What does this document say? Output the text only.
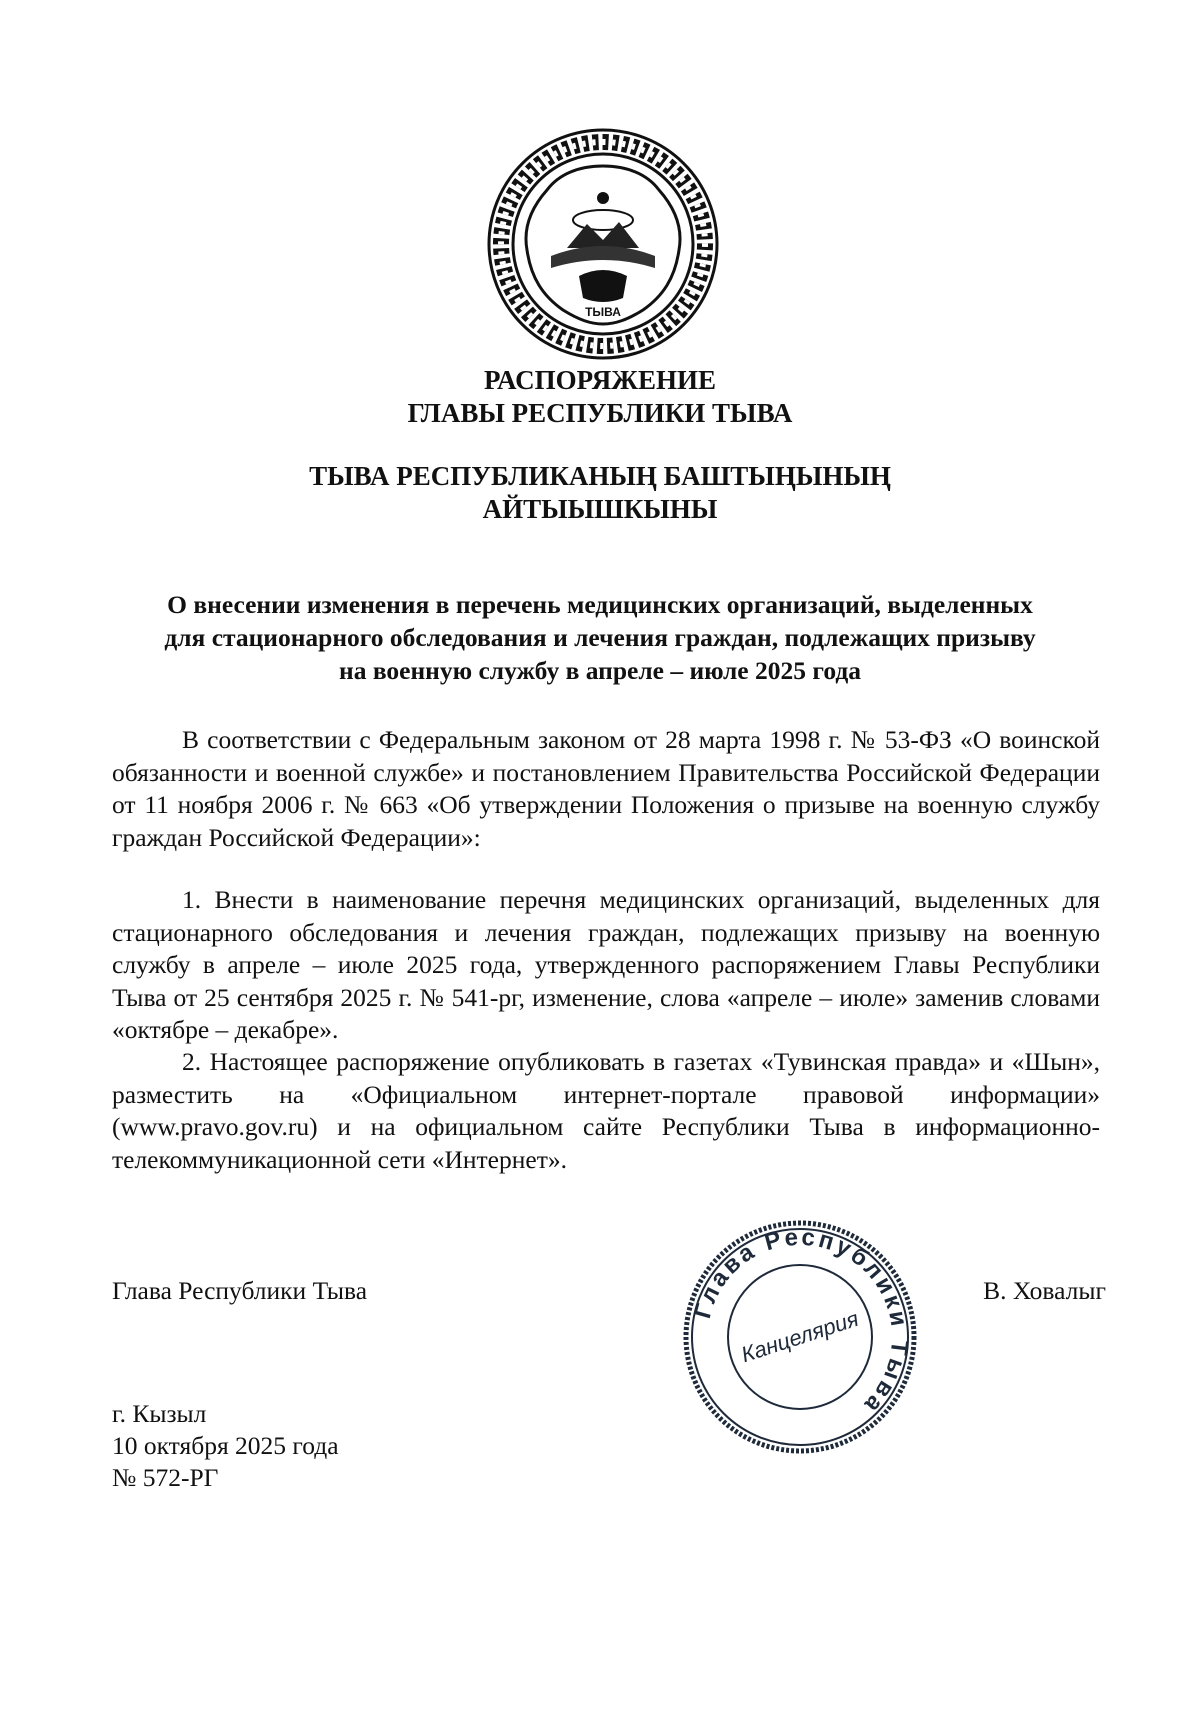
ТЫВА
РАСПОРЯЖЕНИЕ
ГЛАВЫ РЕСПУБЛИКИ ТЫВА
ТЫВА РЕСПУБЛИКАНЫҢ БАШТЫҢЫНЫҢ
АЙТЫЫШКЫНЫ
О внесении изменения в перечень медицинских организаций, выделенных
для стационарного обследования и лечения граждан, подлежащих призыву
на военную службу в апреле – июле 2025 года

В соответствии с Федеральным законом от 28 марта 1998 г. № 53-ФЗ «О воинской обязанности и военной службе» и постановлением Правительства Российской Федерации от 11 ноября 2006 г. № 663 «Об утверждении Положения о призыве на военную службу граждан Российской Федерации»:

1. Внести в наименование перечня медицинских организаций, выделенных для стационарного обследования и лечения граждан, подлежащих призыву на военную службу в апреле – июле 2025 года, утвержденного распоряжением Главы Республики Тыва от 25 сентября 2025 г. № 541-рг, изменение, слова «апреле – июле» заменив словами «октябре – декабре».

2. Настоящее распоряжение опубликовать в газетах «Тувинская правда» и «Шын», разместить на «Официальном интернет-портале правовой информации» (www.pravo.gov.ru) и на официальном сайте Республики Тыва в информационно-телекоммуникационной сети «Интернет».

Глава Республики Тыва	В. Ховалыг
Глава Республики Тыва
Канцелярия
г. Кызыл
10 октября 2025 года
№ 572-РГ
